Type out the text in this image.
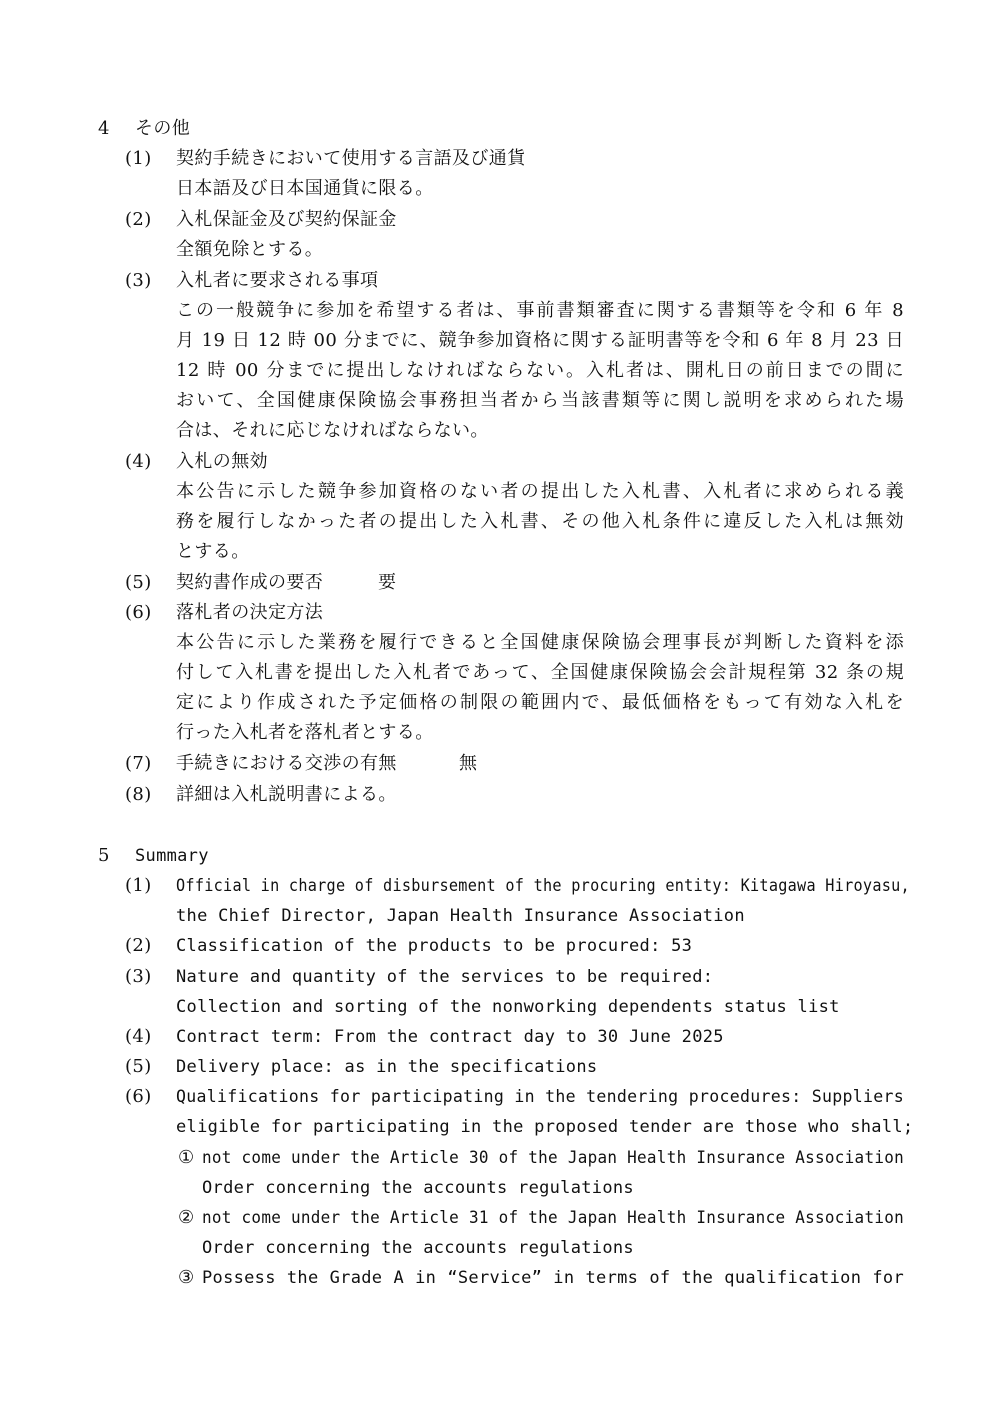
4 その他
(1) 契約手続きにおいて使用する言語及び通貨
日本語及び日本国通貨に限る。
(2) 入札保証金及び契約保証金
全額免除とする。
(3) 入札者に要求される事項
この一般競争に参加を希望する者は、事前書類審査に関する書類等を令和 6 年 8
月 19 日 12 時 00 分までに、競争参加資格に関する証明書等を令和 6 年 8 月 23 日
12 時 00 分までに提出しなければならない。入札者は、開札日の前日までの間に
おいて、全国健康保険協会事務担当者から当該書類等に関し説明を求められた場
合は、それに応じなければならない。
(4) 入札の無効
本公告に示した競争参加資格のない者の提出した入札書、入札者に求められる義
務を履行しなかった者の提出した入札書、その他入札条件に違反した入札は無効
とする。
(5) 契約書作成の要否	要
(6) 落札者の決定方法
本公告に示した業務を履行できると全国健康保険協会理事長が判断した資料を添
付して入札書を提出した入札者であって、全国健康保険協会会計規程第 32 条の規
定により作成された予定価格の制限の範囲内で、最低価格をもって有効な入札を
行った入札者を落札者とする。
(7) 手続きにおける交渉の有無	無
(8) 詳細は入札説明書による。
5 Summary
(1) Official in charge of disbursement of the procuring entity: Kitagawa Hiroyasu,
the Chief Director, Japan Health Insurance Association
(2) Classification of the products to be procured: 53
(3) Nature and quantity of the services to be required:
Collection and sorting of the nonworking dependents status list
(4) Contract term: From the contract day to 30 June 2025
(5) Delivery place: as in the specifications
(6) Qualifications for participating in the tendering procedures: Suppliers
eligible for participating in the proposed tender are those who shall;
① not come under the Article 30 of the Japan Health Insurance Association
Order concerning the accounts regulations
② not come under the Article 31 of the Japan Health Insurance Association
Order concerning the accounts regulations
③ Possess the Grade A in “Service” in terms of the qualification for
